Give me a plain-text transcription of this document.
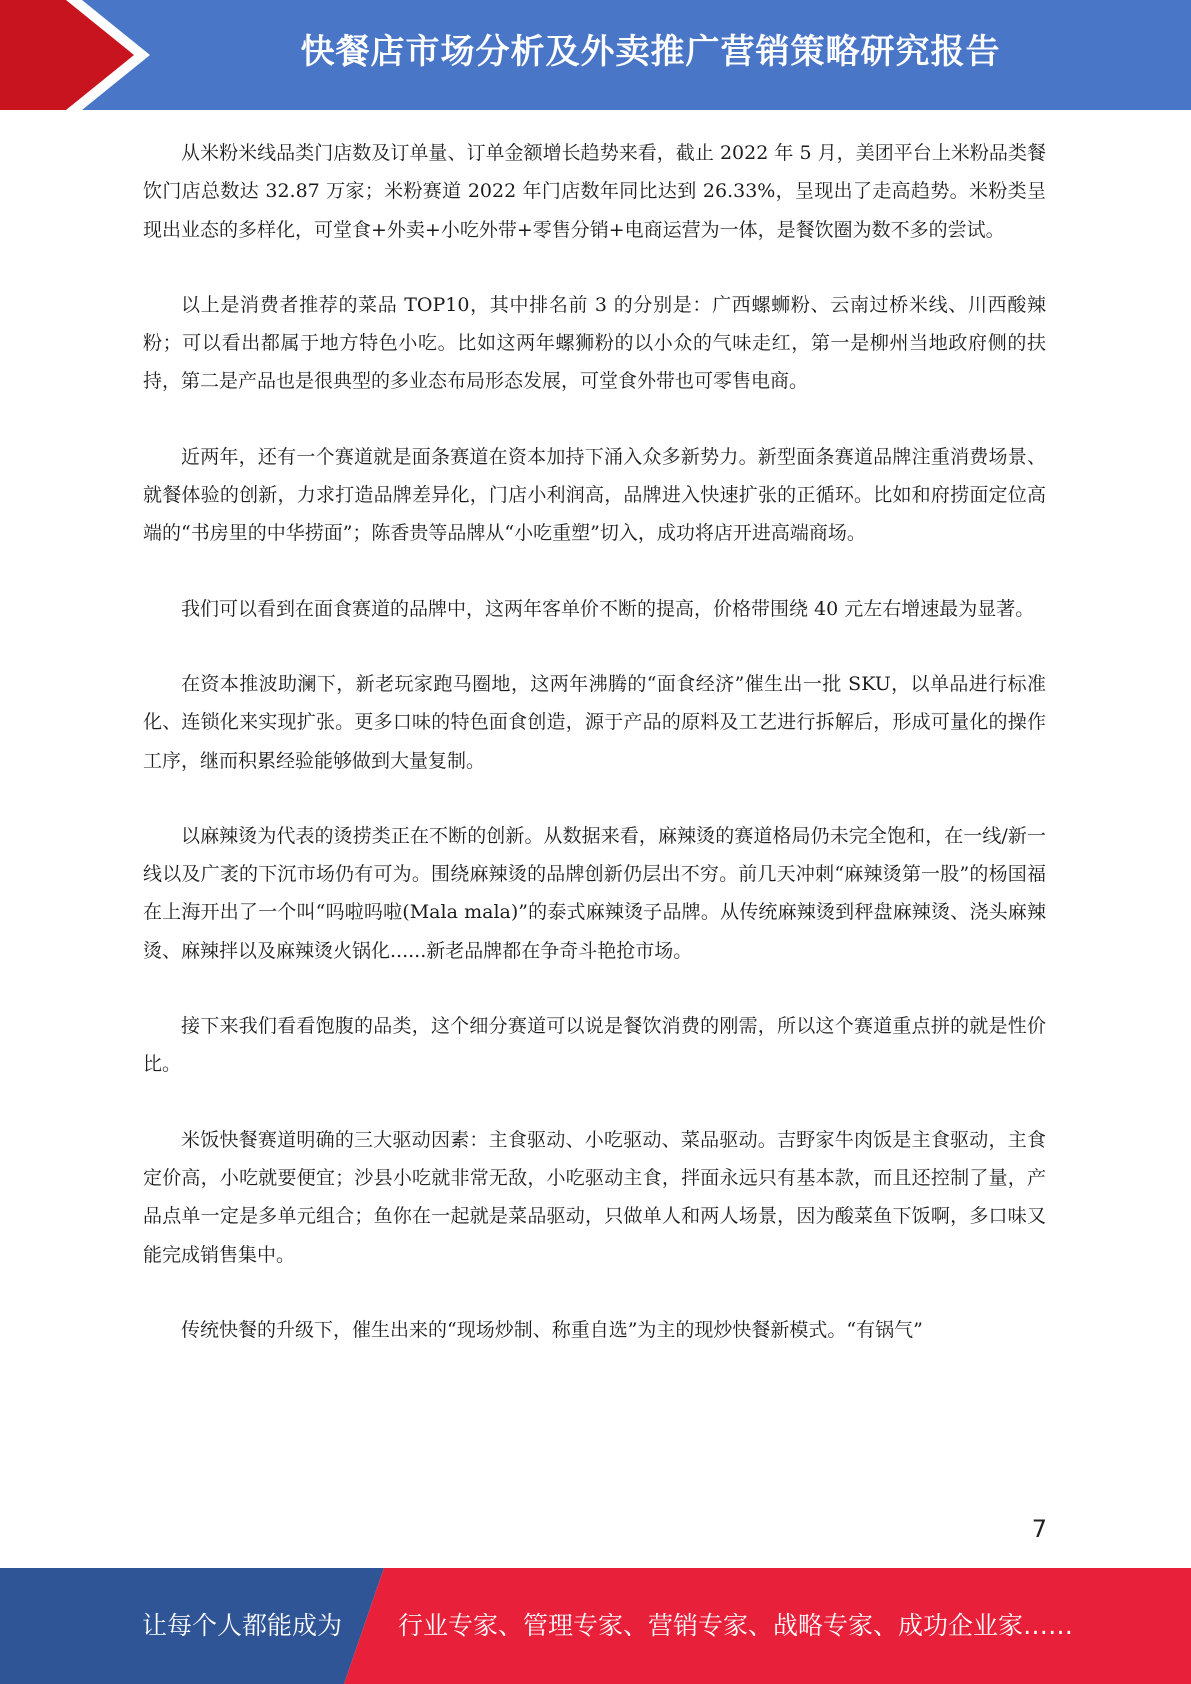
快餐店市场分析及外卖推广营销策略研究报告

从米粉米线品类门店数及订单量、订单金额增长趋势来看，截止 2022 年 5 月，美团平台上米粉品类餐饮门店总数达 32.87 万家；米粉赛道 2022 年门店数年同比达到 26.33%，呈现出了走高趋势。米粉类呈现出业态的多样化，可堂食+外卖+小吃外带+零售分销+电商运营为一体，是餐饮圈为数不多的尝试。

以上是消费者推荐的菜品 TOP10，其中排名前 3 的分别是：广西螺蛳粉、云南过桥米线、川西酸辣粉；可以看出都属于地方特色小吃。比如这两年螺狮粉的以小众的气味走红，第一是柳州当地政府侧的扶持，第二是产品也是很典型的多业态布局形态发展，可堂食外带也可零售电商。

近两年，还有一个赛道就是面条赛道在资本加持下涌入众多新势力。新型面条赛道品牌注重消费场景、就餐体验的创新，力求打造品牌差异化，门店小利润高，品牌进入快速扩张的正循环。比如和府捞面定位高端的“书房里的中华捞面”；陈香贵等品牌从“小吃重塑”切入，成功将店开进高端商场。

我们可以看到在面食赛道的品牌中，这两年客单价不断的提高，价格带围绕 40 元左右增速最为显著。

在资本推波助澜下，新老玩家跑马圈地，这两年沸腾的“面食经济”催生出一批 SKU，以单品进行标准化、连锁化来实现扩张。更多口味的特色面食创造，源于产品的原料及工艺进行拆解后，形成可量化的操作工序，继而积累经验能够做到大量复制。

以麻辣烫为代表的烫捞类正在不断的创新。从数据来看，麻辣烫的赛道格局仍未完全饱和，在一线/新一线以及广袤的下沉市场仍有可为。围绕麻辣烫的品牌创新仍层出不穷。前几天冲刺“麻辣烫第一股”的杨国福在上海开出了一个叫“吗啦吗啦(Mala mala)”的泰式麻辣烫子品牌。从传统麻辣烫到秤盘麻辣烫、浇头麻辣烫、麻辣拌以及麻辣烫火锅化......新老品牌都在争奇斗艳抢市场。

接下来我们看看饱腹的品类，这个细分赛道可以说是餐饮消费的刚需，所以这个赛道重点拼的就是性价比。

米饭快餐赛道明确的三大驱动因素：主食驱动、小吃驱动、菜品驱动。吉野家牛肉饭是主食驱动，主食定价高，小吃就要便宜；沙县小吃就非常无敌，小吃驱动主食，拌面永远只有基本款，而且还控制了量，产品点单一定是多单元组合；鱼你在一起就是菜品驱动，只做单人和两人场景，因为酸菜鱼下饭啊，多口味又能完成销售集中。

传统快餐的升级下，催生出来的“现场炒制、称重自选”为主的现炒快餐新模式。“有锅气”

7
让每个人都能成为 行业专家、管理专家、营销专家、战略专家、成功企业家……
